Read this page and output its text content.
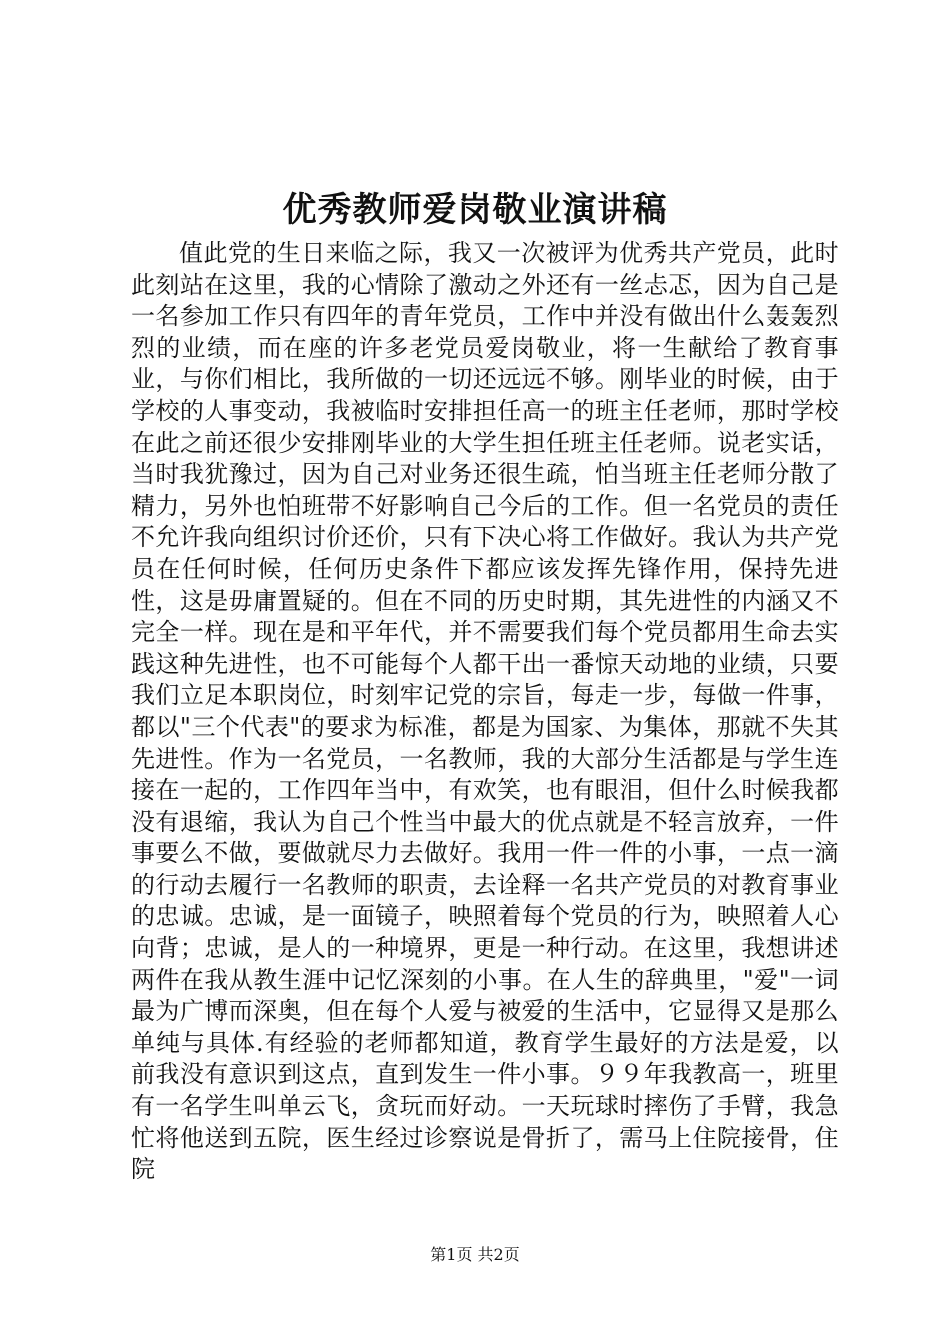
优秀教师爱岗敬业演讲稿

值此党的生日来临之际，我又一次被评为优秀共产党员，此时此刻站在这里，我的心情除了激动之外还有一丝忐忑，因为自己是一名参加工作只有四年的青年党员，工作中并没有做出什么轰轰烈烈的业绩，而在座的许多老党员爱岗敬业，将一生献给了教育事业，与你们相比，我所做的一切还远远不够。刚毕业的时候，由于学校的人事变动，我被临时安排担任高一的班主任老师，那时学校在此之前还很少安排刚毕业的大学生担任班主任老师。说老实话，当时我犹豫过，因为自己对业务还很生疏，怕当班主任老师分散了精力，另外也怕班带不好影响自己今后的工作。但一名党员的责任不允许我向组织讨价还价，只有下决心将工作做好。我认为共产党员在任何时候，任何历史条件下都应该发挥先锋作用，保持先进性，这是毋庸置疑的。但在不同的历史时期，其先进性的内涵又不完全一样。现在是和平年代，并不需要我们每个党员都用生命去实践这种先进性，也不可能每个人都干出一番惊天动地的业绩，只要我们立足本职岗位，时刻牢记党的宗旨，每走一步，每做一件事，都以"三个代表"的要求为标准，都是为国家、为集体，那就不失其先进性。作为一名党员，一名教师，我的大部分生活都是与学生连接在一起的，工作四年当中，有欢笑，也有眼泪，但什么时候我都没有退缩，我认为自己个性当中最大的优点就是不轻言放弃，一件事要么不做，要做就尽力去做好。我用一件一件的小事，一点一滴的行动去履行一名教师的职责，去诠释一名共产党员的对教育事业的忠诚。忠诚，是一面镜子，映照着每个党员的行为，映照着人心向背；忠诚，是人的一种境界，更是一种行动。在这里，我想讲述两件在我从教生涯中记忆深刻的小事。在人生的辞典里，"爱"一词最为广博而深奥，但在每个人爱与被爱的生活中，它显得又是那么单纯与具体.有经验的老师都知道，教育学生最好的方法是爱，以前我没有意识到这点，直到发生一件小事。９９年我教高一，班里有一名学生叫单云飞，贪玩而好动。一天玩球时摔伤了手臂，我急忙将他送到五院，医生经过诊察说是骨折了，需马上住院接骨，住院

第1页 共2页
